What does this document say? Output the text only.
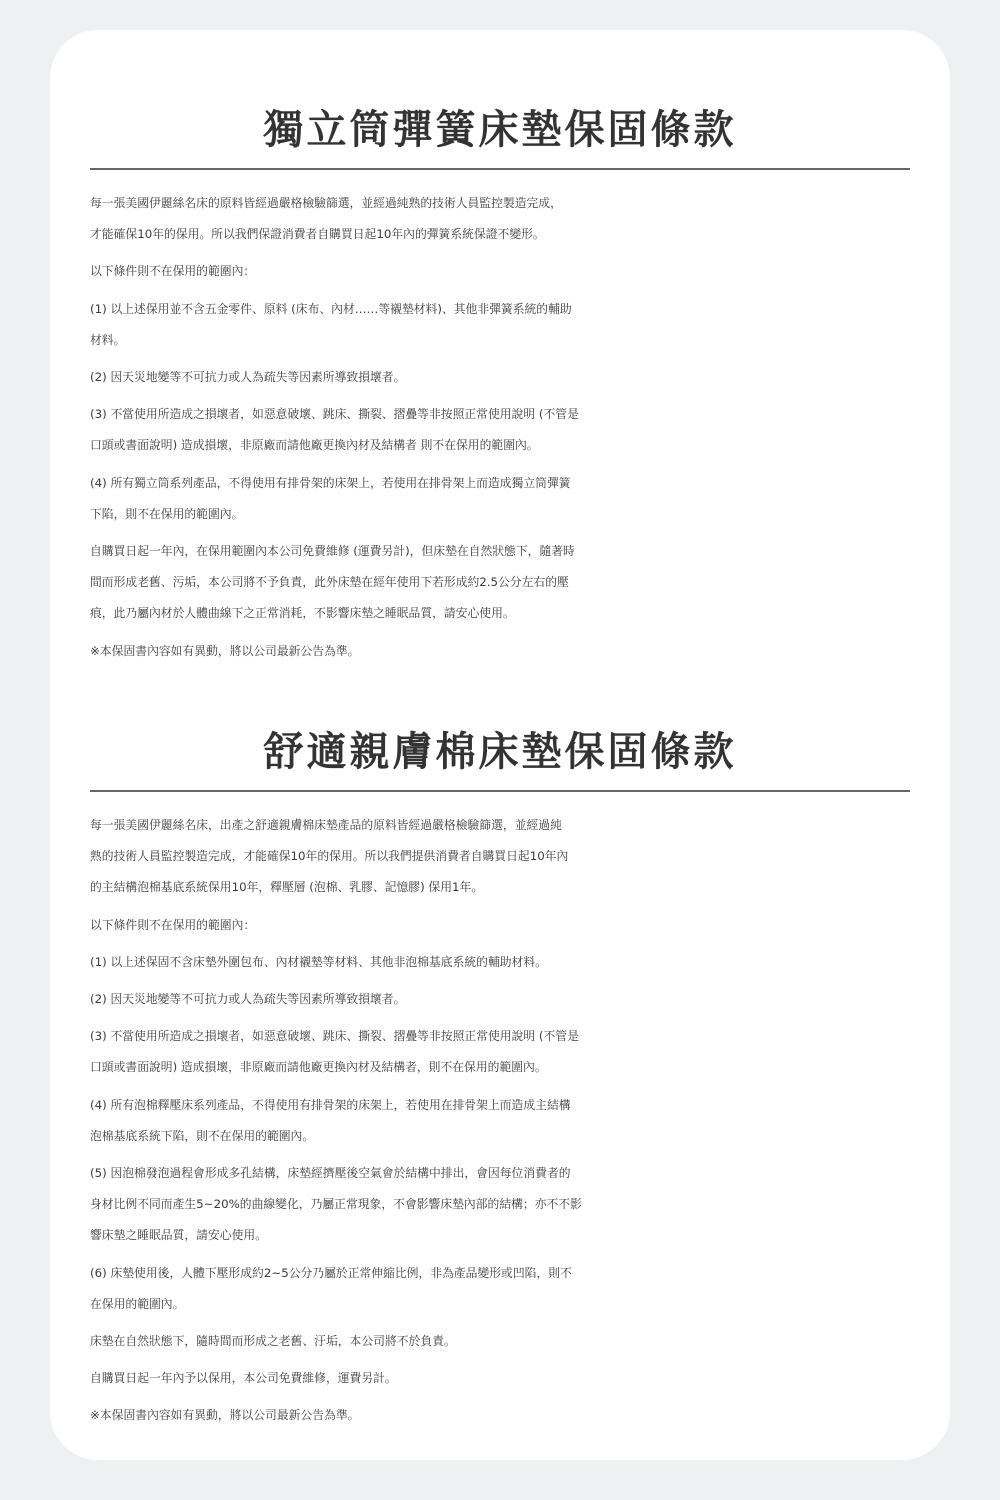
獨立筒彈簧床墊保固條款

每一張美國伊麗絲名床的原料皆經過嚴格檢驗篩選，並經過純熟的技術人員監控製造完成，
才能確保10年的保用。所以我們保證消費者自購買日起10年內的彈簧系統保證不變形。

以下條件則不在保用的範圍內：

(1) 以上述保用並不含五金零件、原料 (床布、內材……等襯墊材料)、其他非彈簧系統的輔助
材料。

(2) 因天災地變等不可抗力或人為疏失等因素所導致損壞者。

(3) 不當使用所造成之損壞者，如惡意破壞、跳床、撕裂、摺疊等非按照正常使用說明 (不管是
口頭或書面說明) 造成損壞，非原廠而請他廠更換內材及結構者 則不在保用的範圍內。

(4) 所有獨立筒系列產品，不得使用有排骨架的床架上，若使用在排骨架上而造成獨立筒彈簧
下陷，則不在保用的範圍內。

自購買日起一年內，在保用範圍內本公司免費維修 (運費另計)，但床墊在自然狀態下，隨著時
間而形成老舊、污垢，本公司將不予負責，此外床墊在經年使用下若形成約2.5公分左右的壓
痕，此乃屬內材於人體曲線下之正常消耗，不影響床墊之睡眠品質，請安心使用。

※本保固書內容如有異動，將以公司最新公告為準。

舒適親膚棉床墊保固條款

每一張美國伊麗絲名床，出產之舒適親膚棉床墊產品的原料皆經過嚴格檢驗篩選，並經過純
熟的技術人員監控製造完成，才能確保10年的保用。所以我們提供消費者自購買日起10年內
的主結構泡棉基底系統保用10年，釋壓層 (泡棉、乳膠、記憶膠) 保用1年。

以下條件則不在保用的範圍內：

(1) 以上述保固不含床墊外圍包布、內材襯墊等材料、其他非泡棉基底系統的輔助材料。

(2) 因天災地變等不可抗力或人為疏失等因素所導致損壞者。

(3) 不當使用所造成之損壞者，如惡意破壞、跳床、撕裂、摺疊等非按照正常使用說明 (不管是
口頭或書面說明) 造成損壞，非原廠而請他廠更換內材及結構者，則不在保用的範圍內。

(4) 所有泡棉釋壓床系列產品，不得使用有排骨架的床架上，若使用在排骨架上而造成主結構
泡棉基底系統下陷，則不在保用的範圍內。

(5) 因泡棉發泡過程會形成多孔結構，床墊經擠壓後空氣會於結構中排出，會因每位消費者的
身材比例不同而產生5~20%的曲線變化，乃屬正常現象，不會影響床墊內部的結構；亦不不影
響床墊之睡眠品質，請安心使用。

(6) 床墊使用後，人體下壓形成約2~5公分乃屬於正常伸縮比例，非為產品變形或凹陷，則不
在保用的範圍內。

床墊在自然狀態下，隨時間而形成之老舊、汙垢，本公司將不於負責。

自購買日起一年內予以保用，本公司免費維修，運費另計。

※本保固書內容如有異動，將以公司最新公告為準。
